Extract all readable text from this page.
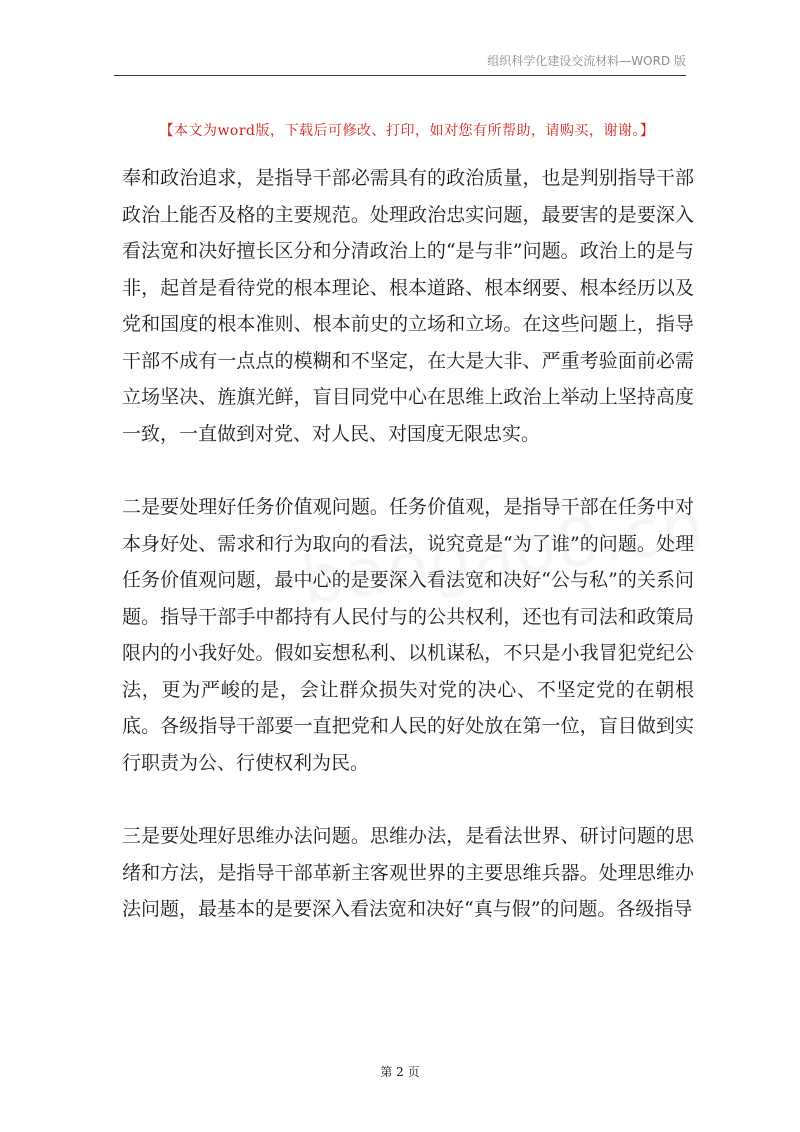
组织科学化建设交流材料—WORD 版
【本文为word版，下载后可修改、打印，如对您有所帮助，请购买，谢谢。】

奉和政治追求，是指导干部必需具有的政治质量，也是判别指导干部政治上能否及格的主要规范。处理政治忠实问题，最要害的是要深入看法宽和决好擅长区分和分清政治上的“是与非”问题。政治上的是与非，起首是看待党的根本理论、根本道路、根本纲要、根本经历以及党和国度的根本准则、根本前史的立场和立场。在这些问题上，指导干部不成有一点点的模糊和不坚定，在大是大非、严重考验面前必需立场坚决、旌旗光鲜，盲目同党中心在思维上政治上举动上坚持高度一致，一直做到对党、对人民、对国度无限忠实。

二是要处理好任务价值观问题。任务价值观，是指导干部在任务中对本身好处、需求和行为取向的看法，说究竟是“为了谁”的问题。处理任务价值观问题，最中心的是要深入看法宽和决好“公与私”的关系问题。指导干部手中都持有人民付与的公共权利，还也有司法和政策局限内的小我好处。假如妄想私利、以机谋私，不只是小我冒犯党纪公法，更为严峻的是，会让群众损失对党的决心、不坚定党的在朝根底。各级指导干部要一直把党和人民的好处放在第一位，盲目做到实行职责为公、行使权利为民。

三是要处理好思维办法问题。思维办法，是看法世界、研讨问题的思绪和方法，是指导干部革新主客观世界的主要思维兵器。处理思维办法问题，最基本的是要深入看法宽和决好“真与假”的问题。各级指导

第 2 页
